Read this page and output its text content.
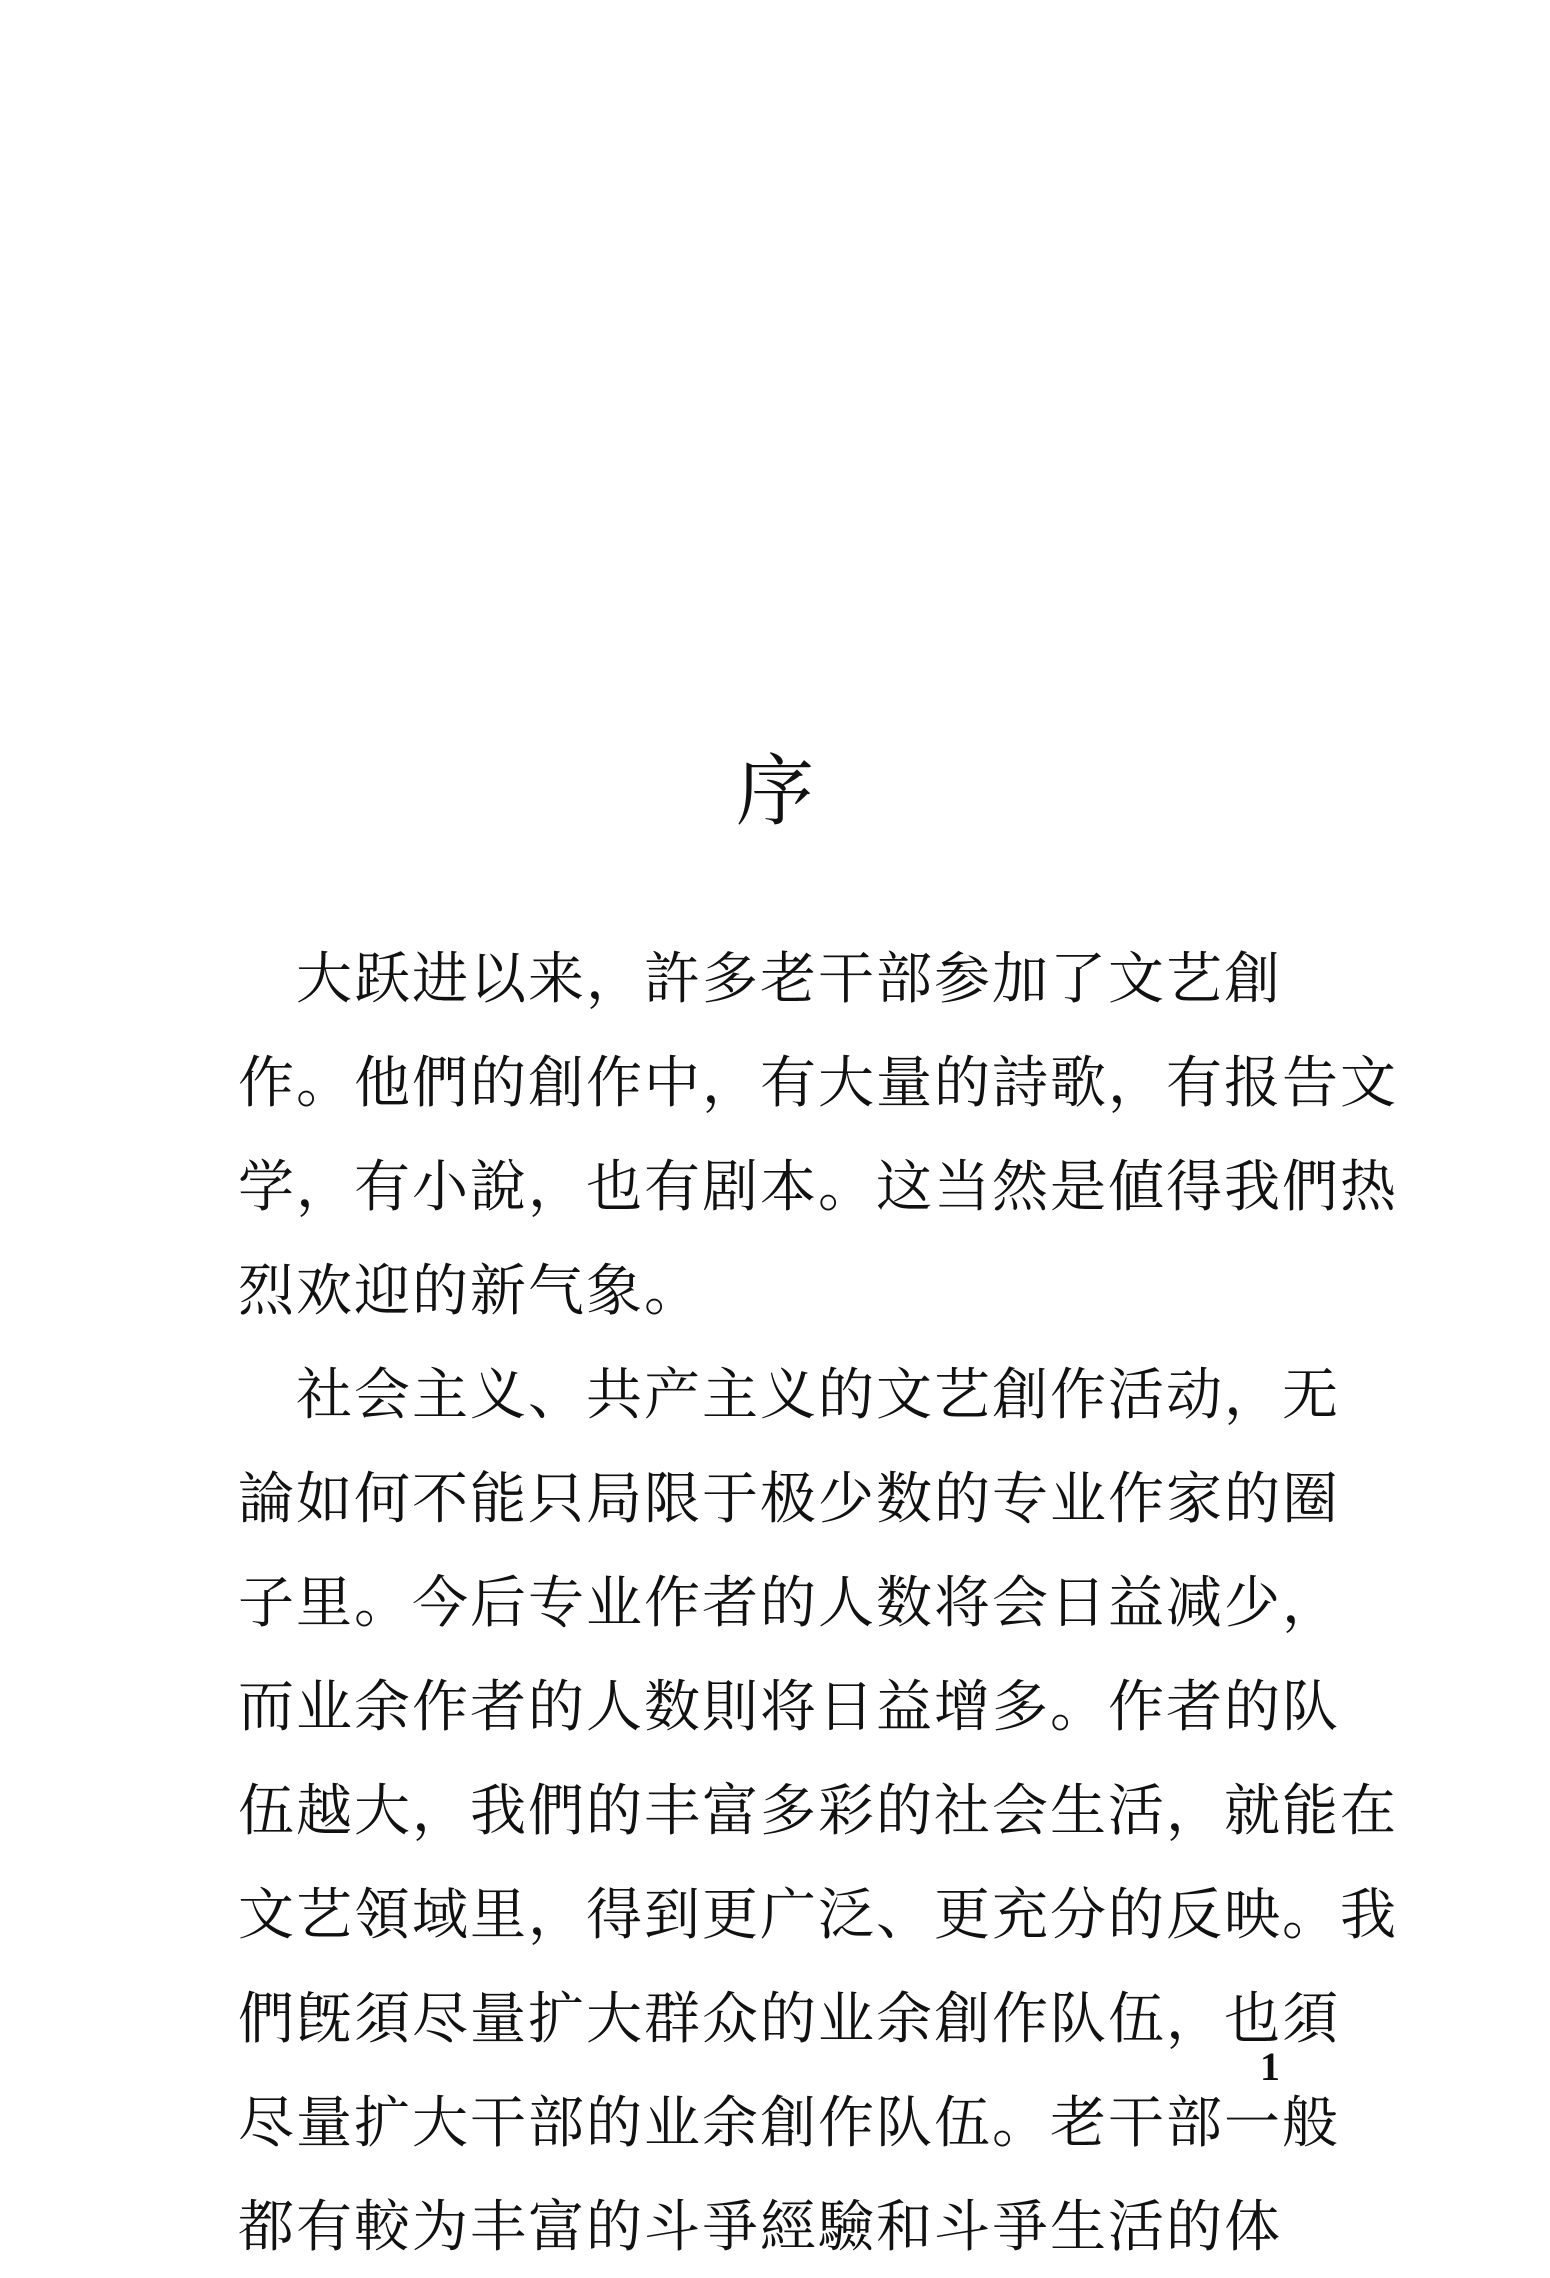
序
　大跃进以来，許多老干部参加了文艺創
作。他們的創作中，有大量的詩歌，有报告文
学，有小說，也有剧本。这当然是値得我們热
烈欢迎的新气象。
　社会主义、共产主义的文艺創作活动，无
論如何不能只局限于极少数的专业作家的圈
子里。今后专业作者的人数将会日益减少，
而业余作者的人数則将日益增多。作者的队
伍越大，我們的丰富多彩的社会生活，就能在
文艺領域里，得到更广泛、更充分的反映。我
們旣須尽量扩大群众的业余創作队伍，也須
尽量扩大干部的业余創作队伍。老干部一般
都有較为丰富的斗爭經驗和斗爭生活的体
1
